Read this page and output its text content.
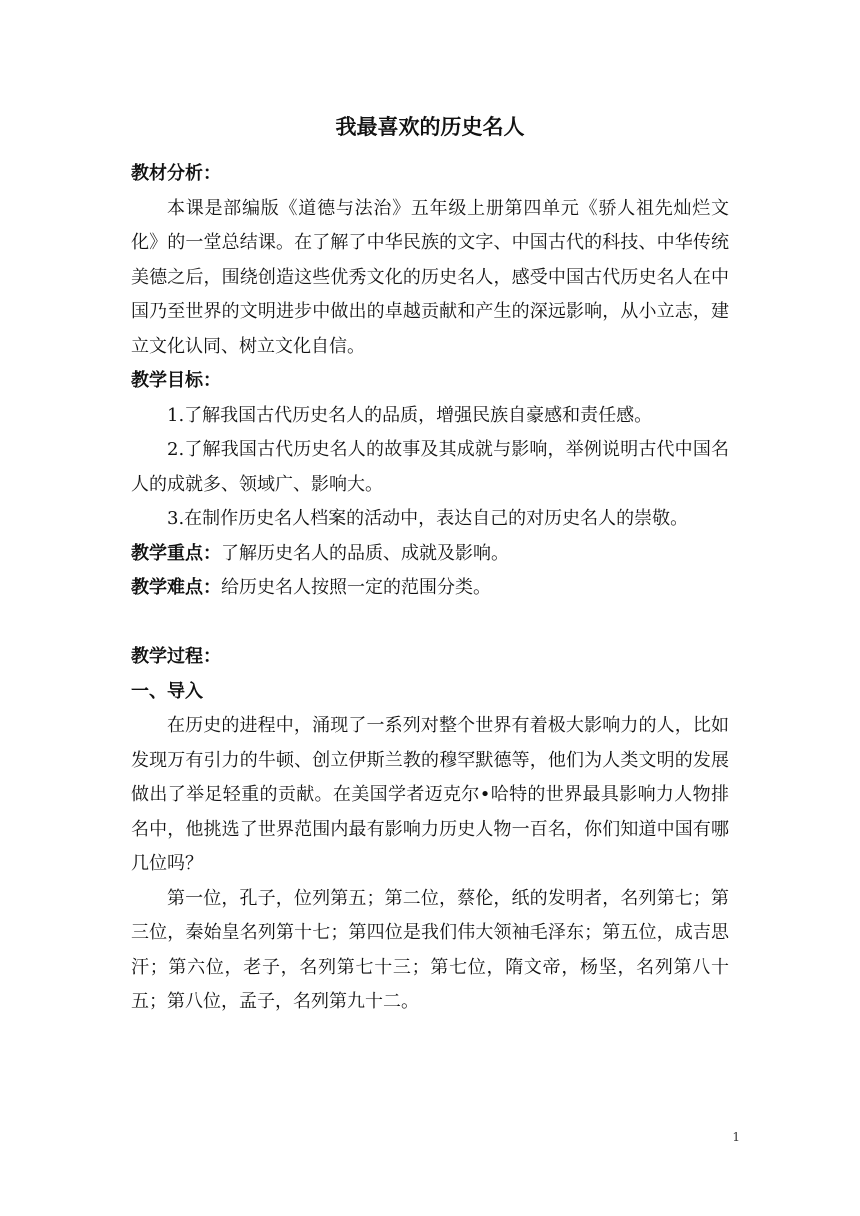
我最喜欢的历史名人

教材分析：

本课是部编版《道德与法治》五年级上册第四单元《骄人祖先灿烂文化》的一堂总结课。在了解了中华民族的文字、中国古代的科技、中华传统美德之后，围绕创造这些优秀文化的历史名人，感受中国古代历史名人在中国乃至世界的文明进步中做出的卓越贡献和产生的深远影响，从小立志，建立文化认同、树立文化自信。

教学目标：

1.了解我国古代历史名人的品质，增强民族自豪感和责任感。

2.了解我国古代历史名人的故事及其成就与影响，举例说明古代中国名人的成就多、领域广、影响大。

3.在制作历史名人档案的活动中，表达自己的对历史名人的崇敬。

教学重点：了解历史名人的品质、成就及影响。

教学难点：给历史名人按照一定的范围分类。

教学过程：

一、导入

在历史的进程中，涌现了一系列对整个世界有着极大影响力的人，比如发现万有引力的牛顿、创立伊斯兰教的穆罕默德等，他们为人类文明的发展做出了举足轻重的贡献。在美国学者迈克尔•哈特的世界最具影响力人物排名中，他挑选了世界范围内最有影响力历史人物一百名，你们知道中国有哪几位吗？

第一位，孔子，位列第五；第二位，蔡伦，纸的发明者，名列第七；第三位，秦始皇名列第十七；第四位是我们伟大领袖毛泽东；第五位，成吉思汗；第六位，老子，名列第七十三；第七位，隋文帝，杨坚，名列第八十五；第八位，孟子，名列第九十二。

1
